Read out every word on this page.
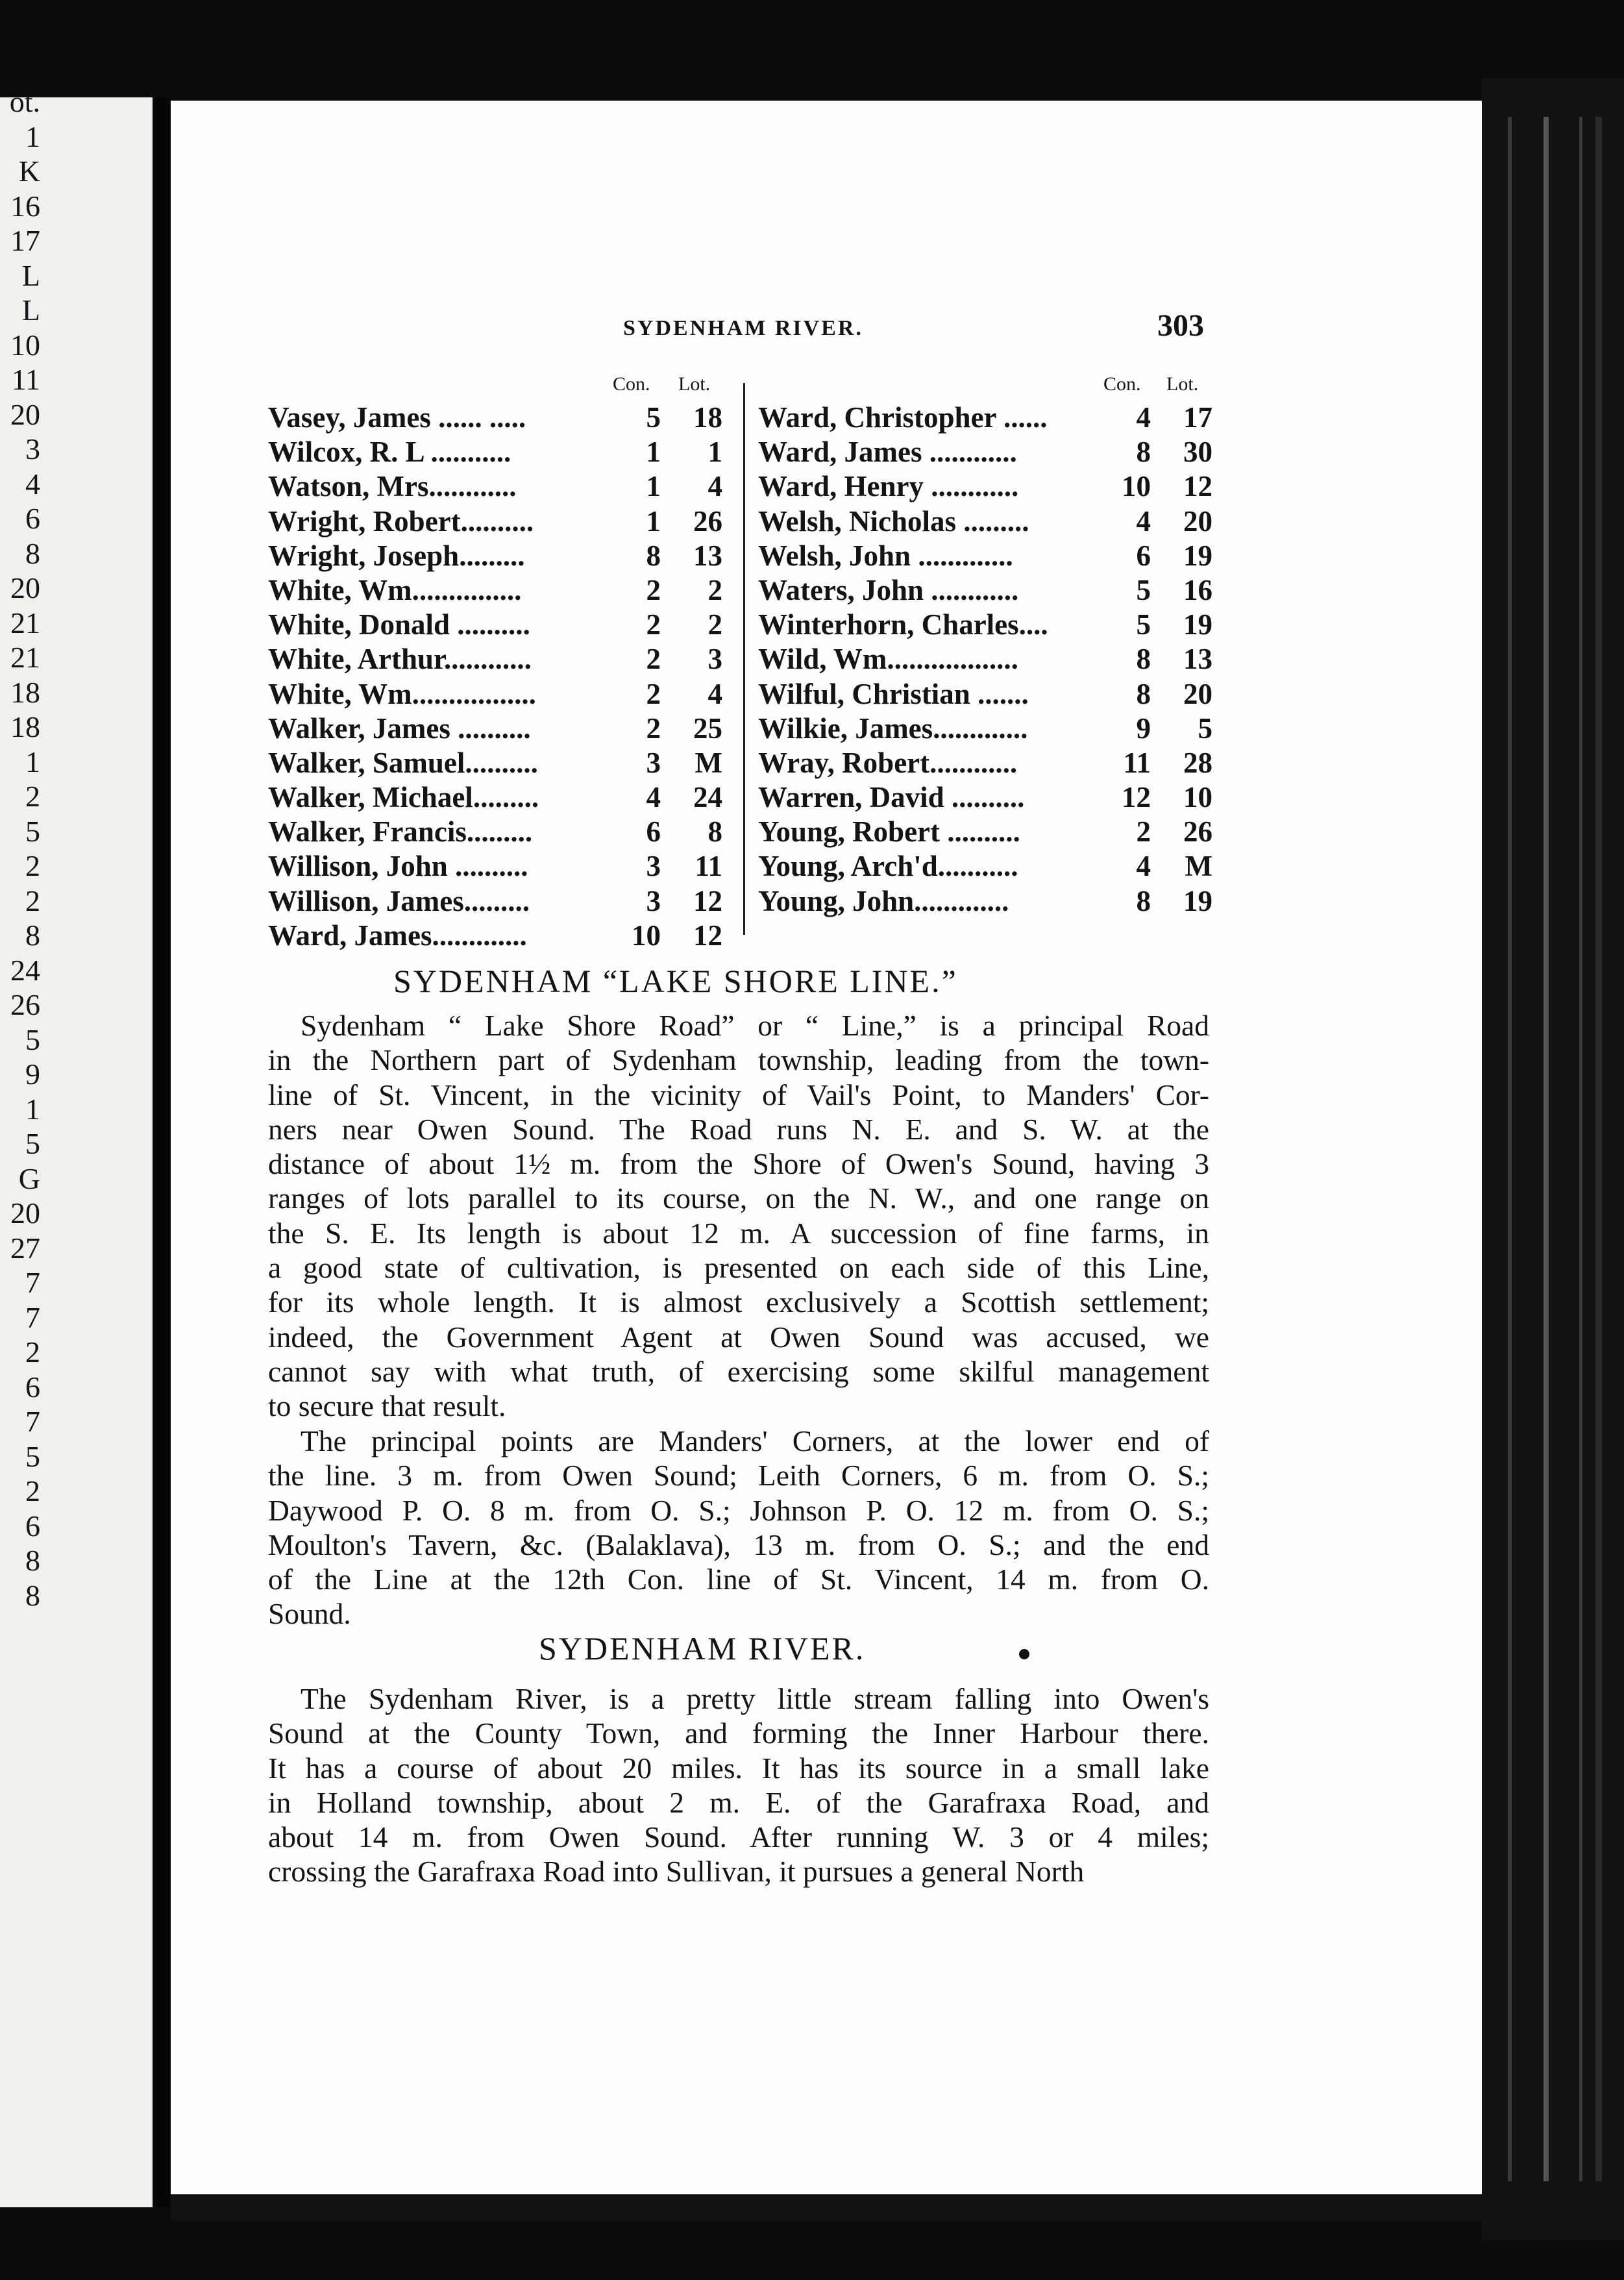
ot.
1
K
16
17
L
L
10
11
20
3
4
6
8
20
21
21
18
18
1
2
5
2
2
8
24
26
5
9
1
5
G
20
27
7
7
2
6
7
5
2
6
8
8
SYDENHAM RIVER.	303
Con. Lot.	Con. Lot.
Vasey, James ...... .....	5 18
Wilcox, R. L ...........	1 1
Watson, Mrs............	1 4
Wright, Robert..........	1 26
Wright, Joseph.........	8 13
White, Wm...............	2 2
White, Donald ..........	2 2
White, Arthur............	2 3
White, Wm.................	2 4
Walker, James ..........	2 25
Walker, Samuel..........	3 M
Walker, Michael.........	4 24
Walker, Francis.........	6 8
Willison, John ..........	3 11
Willison, James.........	3 12
Ward, James.............	10 12
Ward, Christopher ......	4 17
Ward, James ............	8 30
Ward, Henry ............	10 12
Welsh, Nicholas .........	4 20
Welsh, John .............	6 19
Waters, John ............	5 16
Winterhorn, Charles....	5 19
Wild, Wm..................	8 13
Wilful, Christian .......	8 20
Wilkie, James.............	9 5
Wray, Robert............	11 28
Warren, David ..........	12 10
Young, Robert ..........	2 26
Young, Arch'd...........	4 M
Young, John.............	8 19
SYDENHAM “LAKE SHORE LINE.”
Sydenham “ Lake Shore Road” or “ Line,” is a principal Road
in the Northern part of Sydenham township, leading from the town-
line of St. Vincent, in the vicinity of Vail's Point, to Manders' Cor-
ners near Owen Sound. The Road runs N. E. and S. W. at the
distance of about 1½ m. from the Shore of Owen's Sound, having 3
ranges of lots parallel to its course, on the N. W., and one range on
the S. E. Its length is about 12 m. A succession of fine farms, in
a good state of cultivation, is presented on each side of this Line,
for its whole length. It is almost exclusively a Scottish settlement;
indeed, the Government Agent at Owen Sound was accused, we
cannot say with what truth, of exercising some skilful management
to secure that result.
The principal points are Manders' Corners, at the lower end of
the line. 3 m. from Owen Sound; Leith Corners, 6 m. from O. S.;
Daywood P. O. 8 m. from O. S.; Johnson P. O. 12 m. from O. S.;
Moulton's Tavern, &c. (Balaklava), 13 m. from O. S.; and the end
of the Line at the 12th Con. line of St. Vincent, 14 m. from O.
Sound.
SYDENHAM RIVER.
The Sydenham River, is a pretty little stream falling into Owen's
Sound at the County Town, and forming the Inner Harbour there.
It has a course of about 20 miles. It has its source in a small lake
in Holland township, about 2 m. E. of the Garafraxa Road, and
about 14 m. from Owen Sound. After running W. 3 or 4 miles;
crossing the Garafraxa Road into Sullivan, it pursues a general North
